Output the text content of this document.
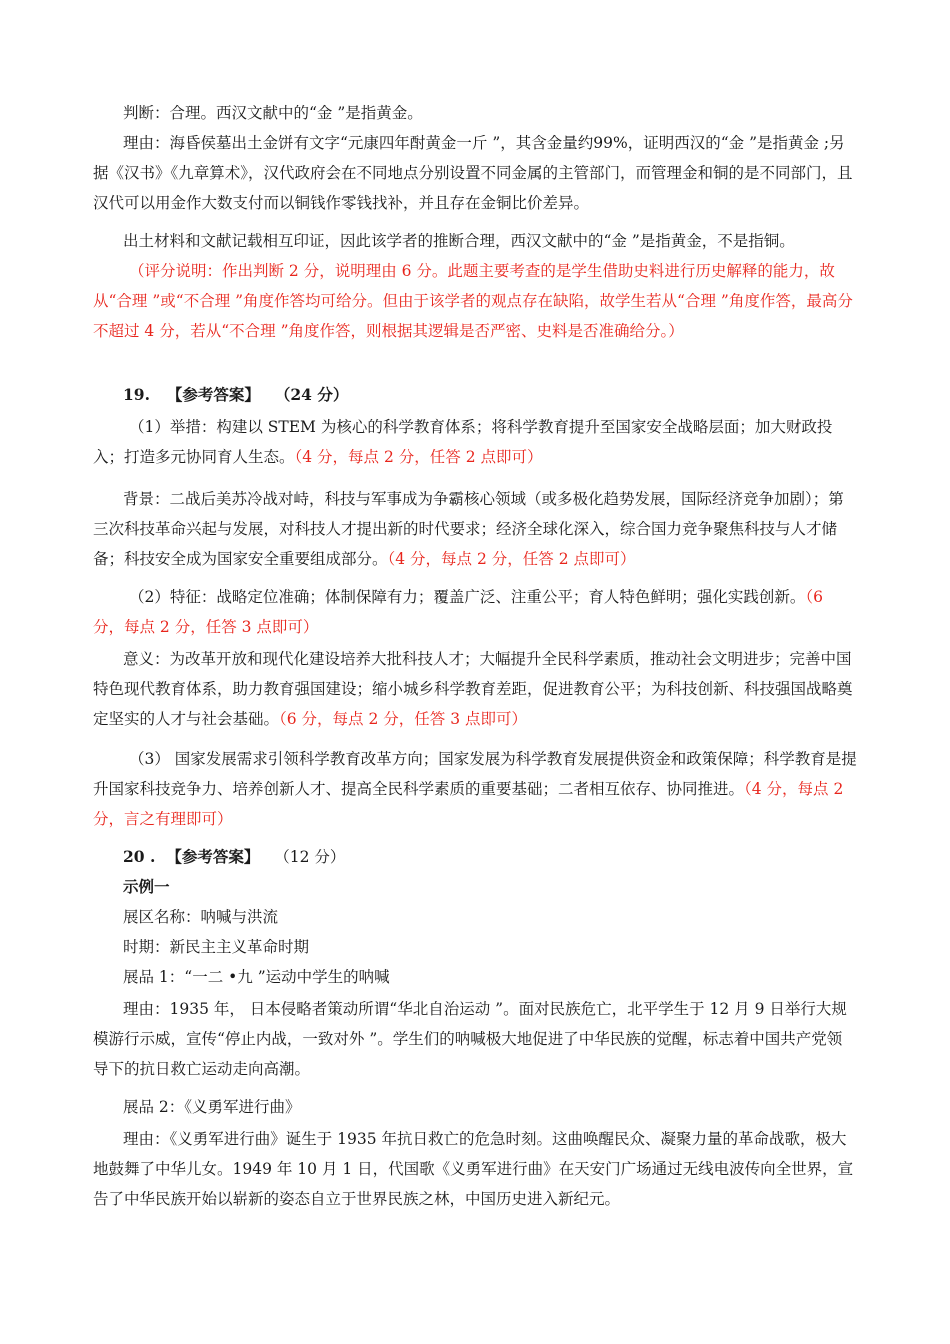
判断：合理。西汉文献中的“金 ”是指黄金。

理由：海昏侯墓出土金饼有文字“元康四年酎黄金一斤 ”，其含金量约99%，证明西汉的“金 ”是指黄金 ;另据《汉书》《九章算术》，汉代政府会在不同地点分别设置不同金属的主管部门，而管理金和铜的是不同部门，且汉代可以用金作大数支付而以铜钱作零钱找补，并且存在金铜比价差异。

出土材料和文献记载相互印证，因此该学者的推断合理，西汉文献中的“金 ”是指黄金，不是指铜。

（评分说明：作出判断 2 分，说明理由 6 分。此题主要考查的是学生借助史料进行历史解释的能力，故从“合理 ”或“不合理 ”角度作答均可给分。但由于该学者的观点存在缺陷，故学生若从“合理 ”角度作答，最高分不超过 4 分，若从“不合理 ”角度作答，则根据其逻辑是否严密、史料是否准确给分。）

19. 【参考答案】 （24 分）

（1）举措：构建以 STEM 为核心的科学教育体系；将科学教育提升至国家安全战略层面；加大财政投入；打造多元协同育人生态。（4 分，每点 2 分，任答 2 点即可）

背景：二战后美苏冷战对峙，科技与军事成为争霸核心领域（或多极化趋势发展，国际经济竞争加剧）；第三次科技革命兴起与发展，对科技人才提出新的时代要求；经济全球化深入，综合国力竞争聚焦科技与人才储备；科技安全成为国家安全重要组成部分。（4 分，每点 2 分，任答 2 点即可）

（2）特征：战略定位准确；体制保障有力；覆盖广泛、注重公平；育人特色鲜明；强化实践创新。（6 分，每点 2 分，任答 3 点即可）

意义：为改革开放和现代化建设培养大批科技人才；大幅提升全民科学素质，推动社会文明进步；完善中国特色现代教育体系，助力教育强国建设；缩小城乡科学教育差距，促进教育公平；为科技创新、科技强国战略奠定坚实的人才与社会基础。（6 分，每点 2 分，任答 3 点即可）

（3） 国家发展需求引领科学教育改革方向；国家发展为科学教育发展提供资金和政策保障；科学教育是提升国家科技竞争力、培养创新人才、提高全民科学素质的重要基础；二者相互依存、协同推进。（4 分，每点 2 分，言之有理即可）

20 . 【参考答案】 （12 分）

示例一

展区名称：呐喊与洪流

时期：新民主主义革命时期

展品 1：“一二 •九 ”运动中学生的呐喊

理由：1935 年， 日本侵略者策动所谓“华北自治运动 ”。面对民族危亡，北平学生于 12 月 9 日举行大规模游行示威，宣传“停止内战，一致对外 ”。学生们的呐喊极大地促进了中华民族的觉醒，标志着中国共产党领导下的抗日救亡运动走向高潮。

展品 2：《义勇军进行曲》

理由：《义勇军进行曲》诞生于 1935 年抗日救亡的危急时刻。这曲唤醒民众、凝聚力量的革命战歌，极大地鼓舞了中华儿女。1949 年 10 月 1 日，代国歌《义勇军进行曲》在天安门广场通过无线电波传向全世界，宣告了中华民族开始以崭新的姿态自立于世界民族之林，中国历史进入新纪元。
